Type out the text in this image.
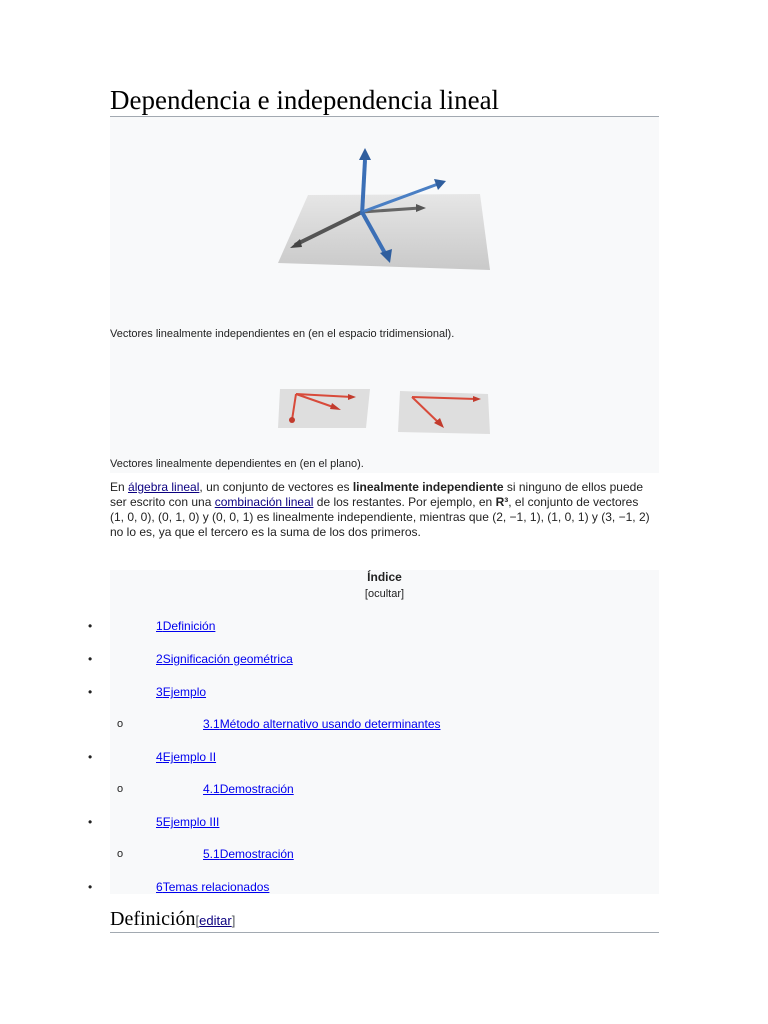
Dependencia e independencia lineal
Vectores linealmente independientes en (en el espacio tridimensional).
Vectores linealmente dependientes en (en el plano).

En álgebra lineal, un conjunto de vectores es linealmente independiente si ninguno de ellos puede ser escrito con una combinación lineal de los restantes. Por ejemplo, en R³, el conjunto de vectores (1, 0, 0), (0, 1, 0) y (0, 0, 1) es linealmente independiente, mientras que (2, −1, 1), (1, 0, 1) y (3, −1, 2) no lo es, ya que el tercero es la suma de los dos primeros.

Índice
[ocultar]
•	1Definición
•	2Significación geométrica
•	3Ejemplo
o	3.1Método alternativo usando determinantes
•	4Ejemplo II
o	4.1Demostración
•	5Ejemplo III
o	5.1Demostración
•	6Temas relacionados
Definición[editar]
